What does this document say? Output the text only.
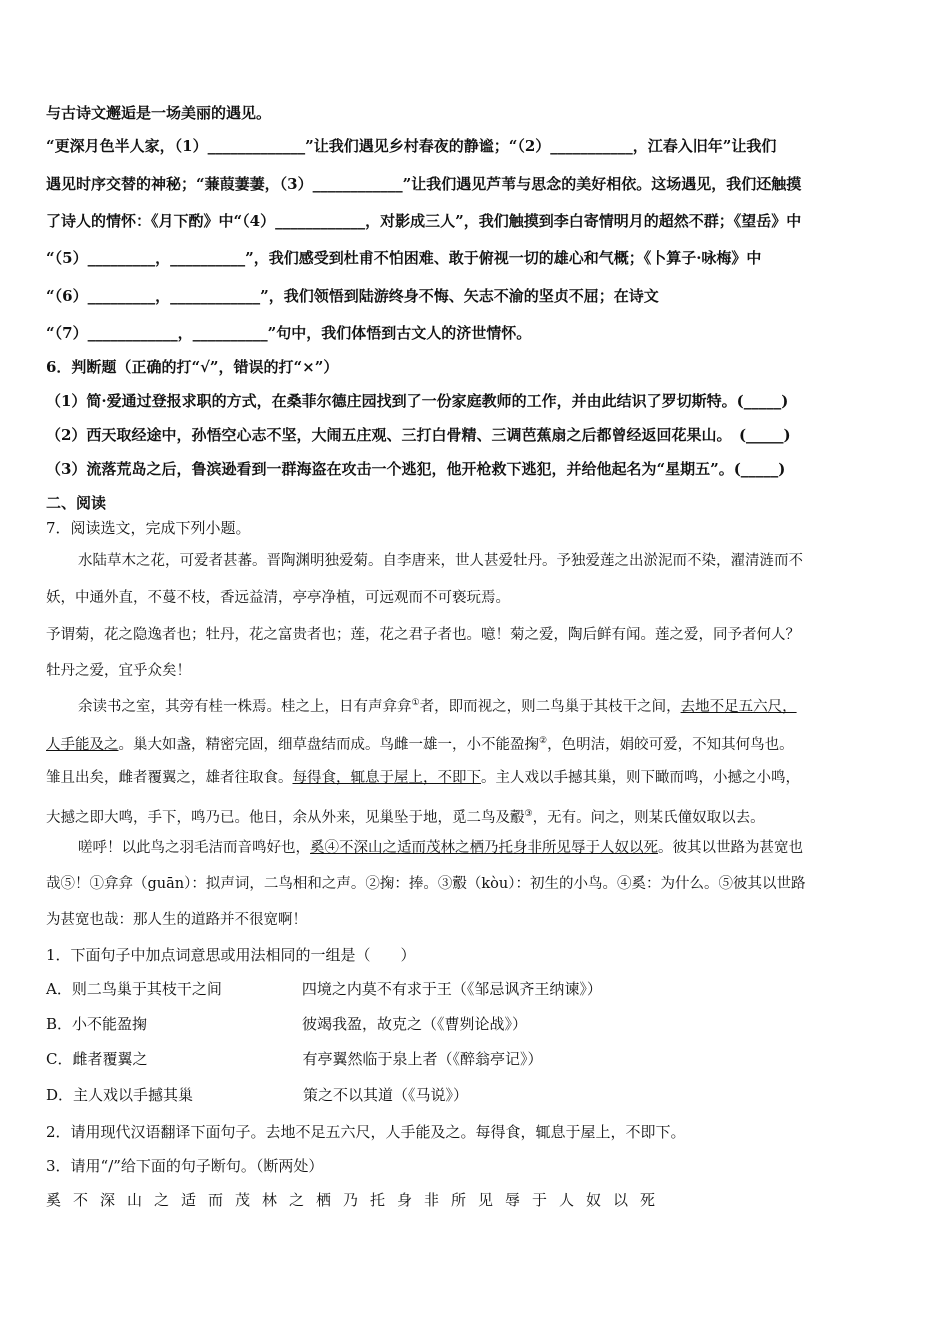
与古诗文邂逅是一场美丽的遇见。
“更深月色半人家，（1）_____________”让我们遇见乡村春夜的静谧；“（2）___________，江春入旧年”让我们
遇见时序交替的神秘；“蒹葭萋萋，（3）____________”让我们遇见芦苇与思念的美好相依。这场遇见，我们还触摸
了诗人的情怀：《月下酌》中“（4）____________，对影成三人”，我们触摸到李白寄情明月的超然不群；《望岳》中
“（5）_________，__________”，我们感受到杜甫不怕困难、敢于俯视一切的雄心和气概；《卜算子·咏梅》中
“（6）_________，____________”，我们领悟到陆游终身不悔、矢志不渝的坚贞不屈；在诗文
“（7）____________，__________”句中，我们体悟到古文人的济世情怀。
6．判断题（正确的打“√”，错误的打“×”）
（1）简·爱通过登报求职的方式，在桑菲尔德庄园找到了一份家庭教师的工作，并由此结识了罗切斯特。(_____)
（2）西天取经途中，孙悟空心志不坚，大闹五庄观、三打白骨精、三调芭蕉扇之后都曾经返回花果山。　(_____)
（3）流落荒岛之后，鲁滨逊看到一群海盗在攻击一个逃犯，他开枪救下逃犯，并给他起名为“星期五”。(_____)
二、阅读
7．阅读选文，完成下列小题。
水陆草木之花，可爱者甚蕃。晋陶渊明独爱菊。自李唐来，世人甚爱牡丹。予独爱莲之出淤泥而不染，濯清涟而不
妖，中通外直，不蔓不枝，香远益清，亭亭净植，可远观而不可亵玩焉。
予谓菊，花之隐逸者也；牡丹，花之富贵者也；莲，花之君子者也。噫！菊之爱，陶后鲜有闻。莲之爱，同予者何人？
牡丹之爱，宜乎众矣！
余读书之室，其旁有桂一株焉。桂之上，日有声弇弇①者，即而视之，则二鸟巢于其枝干之间，去地不足五六尺，
人手能及之。巢大如盏，精密完固，细草盘结而成。鸟雌一雄一，小不能盈掬②，色明洁，娟皎可爱，不知其何鸟也。
雏且出矣，雌者覆翼之，雄者往取食。每得食，辄息于屋上，不即下。主人戏以手撼其巢，则下瞰而鸣，小撼之小鸣，
大撼之即大鸣，手下，鸣乃已。他日，余从外来，见巢坠于地，觅二鸟及鷇③，无有。问之，则某氏僮奴取以去。
嗟呼！以此鸟之羽毛洁而音鸣好也，奚④不深山之适而茂林之栖乃托身非所见辱于人奴以死。彼其以世路为甚宽也
哉⑤！①弇弇（guān）：拟声词，二鸟相和之声。②掬：捧。③鷇（kòu）：初生的小鸟。④奚：为什么。⑤彼其以世路
为甚宽也哉：那人生的道路并不很宽啊！
1．下面句子中加点词意思或用法相同的一组是（　　）
A．则二鸟巢于其枝干之间	四境之内莫不有求于王（《邹忌讽齐王纳谏》）
B．小不能盈掬	彼竭我盈，故克之（《曹刿论战》）
C．雌者覆翼之	有亭翼然临于泉上者（《醉翁亭记》）
D．主人戏以手撼其巢	策之不以其道（《马说》）
2．请用现代汉语翻译下面句子。去地不足五六尺，人手能及之。每得食，辄息于屋上，不即下。
3．请用“/”给下面的句子断句。（断两处）
奚不深山之适而茂林之栖乃托身非所见辱于人奴以死
